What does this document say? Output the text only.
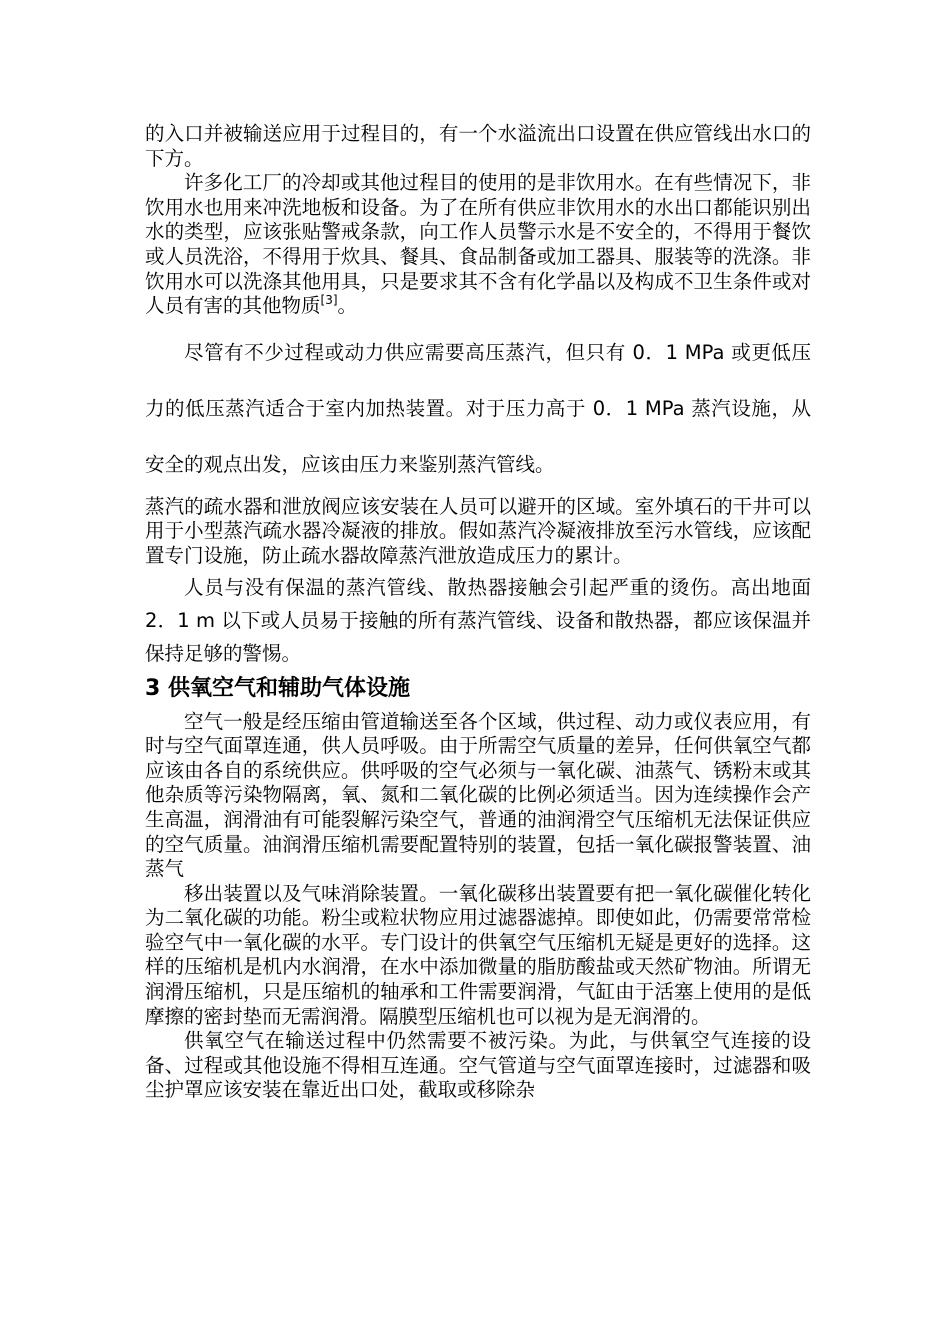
的入口并被输送应用于过程目的，有一个水溢流出口设置在供应管线出水口的下方。

许多化工厂的冷却或其他过程目的使用的是非饮用水。在有些情况下，非饮用水也用来冲洗地板和设备。为了在所有供应非饮用水的水出口都能识别出水的类型，应该张贴警戒条款，向工作人员警示水是不安全的，不得用于餐饮或人员洗浴，不得用于炊具、餐具、食品制备或加工器具、服装等的洗涤。非饮用水可以洗涤其他用具，只是要求其不含有化学晶以及构成不卫生条件或对人员有害的其他物质[3]。

尽管有不少过程或动力供应需要高压蒸汽，但只有 0．1 MPa 或更低压力的低压蒸汽适合于室内加热装置。对于压力高于 0．1 MPa 蒸汽设施，从安全的观点出发，应该由压力来鉴别蒸汽管线。

蒸汽的疏水器和泄放阀应该安装在人员可以避开的区域。室外填石的干井可以用于小型蒸汽疏水器冷凝液的排放。假如蒸汽冷凝液排放至污水管线，应该配置专门设施，防止疏水器故障蒸汽泄放造成压力的累计。

人员与没有保温的蒸汽管线、散热器接触会引起严重的烫伤。高出地面 2．1 m 以下或人员易于接触的所有蒸汽管线、设备和散热器，都应该保温并保持足够的警惕。

3 供氧空气和辅助气体设施

空气一般是经压缩由管道输送至各个区域，供过程、动力或仪表应用，有时与空气面罩连通，供人员呼吸。由于所需空气质量的差异，任何供氧空气都应该由各自的系统供应。供呼吸的空气必须与一氧化碳、油蒸气、锈粉末或其他杂质等污染物隔离，氧、氮和二氧化碳的比例必须适当。因为连续操作会产生高温，润滑油有可能裂解污染空气，普通的油润滑空气压缩机无法保证供应的空气质量。油润滑压缩机需要配置特别的装置，包括一氧化碳报警装置、油蒸气

移出装置以及气味消除装置。一氧化碳移出装置要有把一氧化碳催化转化为二氧化碳的功能。粉尘或粒状物应用过滤器滤掉。即使如此，仍需要常常检验空气中一氧化碳的水平。专门设计的供氧空气压缩机无疑是更好的选择。这样的压缩机是机内水润滑，在水中添加微量的脂肪酸盐或天然矿物油。所谓无润滑压缩机，只是压缩机的轴承和工件需要润滑，气缸由于活塞上使用的是低摩擦的密封垫而无需润滑。隔膜型压缩机也可以视为是无润滑的。

供氧空气在输送过程中仍然需要不被污染。为此，与供氧空气连接的设备、过程或其他设施不得相互连通。空气管道与空气面罩连接时，过滤器和吸尘护罩应该安装在靠近出口处，截取或移除杂
